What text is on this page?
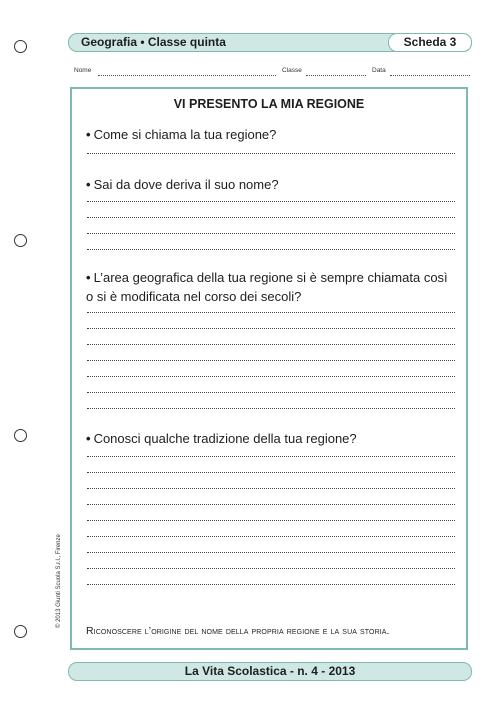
Geografia • Classe quinta	Scheda 3
Nome	Classe	Data
VI PRESENTO LA MIA REGIONE
• Come si chiama la tua regione?
• Sai da dove deriva il suo nome?
• L’area geografica della tua regione si è sempre chiamata così o si è modificata nel corso dei secoli?
• Conosci qualche tradizione della tua regione?
Riconoscere l’origine del nome della propria regione e la sua storia.
© 2013 Giunti Scuola S.r.l., Firenze
La Vita Scolastica - n. 4 - 2013
